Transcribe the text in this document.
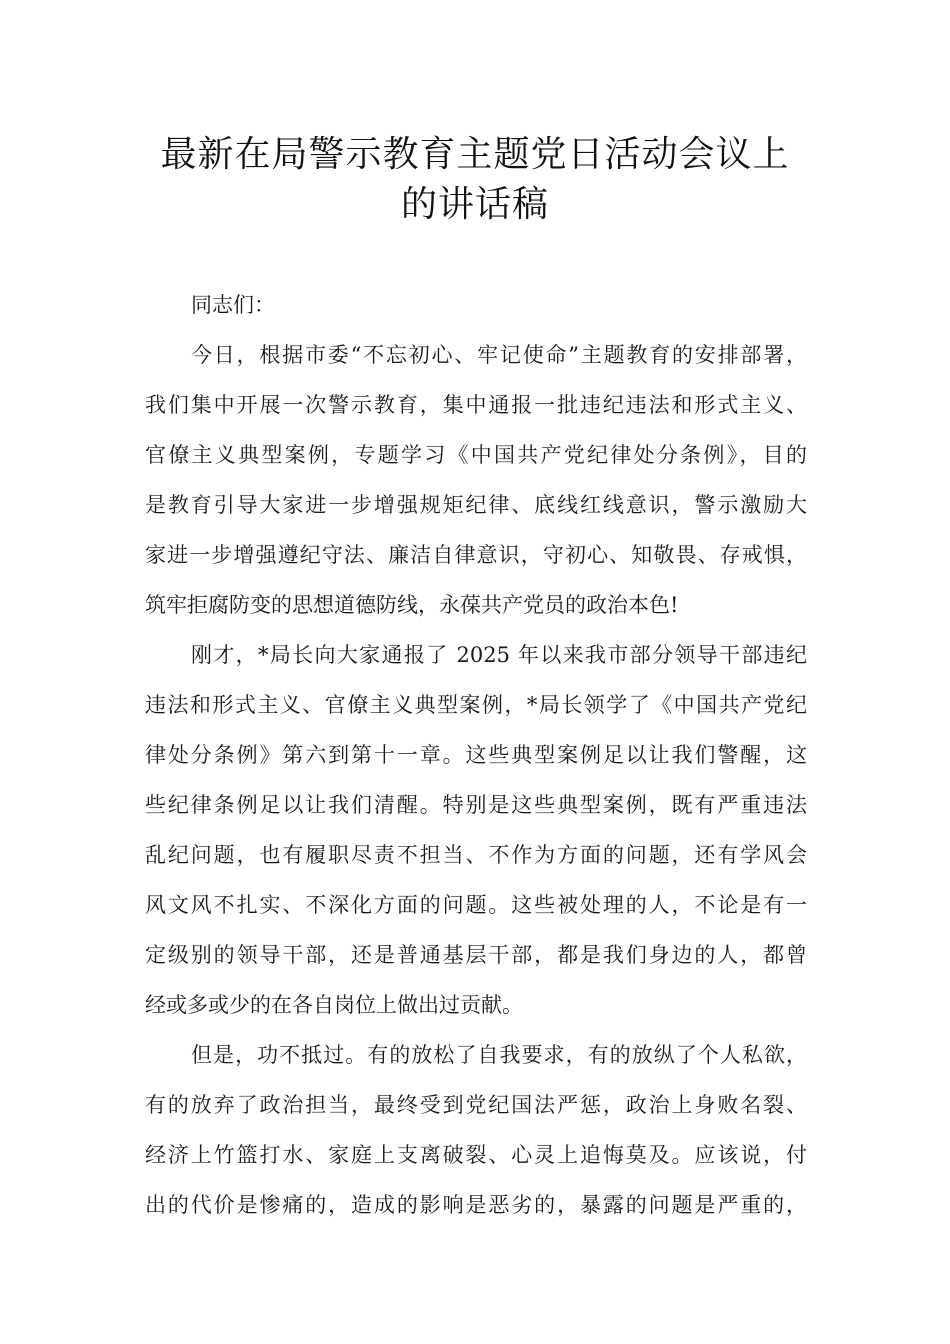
最新在局警示教育主题党日活动会议上
的讲话稿
同志们：
今日，根据市委“不忘初心、牢记使命”主题教育的安排部署，
我们集中开展一次警示教育，集中通报一批违纪违法和形式主义、
官僚主义典型案例，专题学习《中国共产党纪律处分条例》，目的
是教育引导大家进一步增强规矩纪律、底线红线意识，警示激励大
家进一步增强遵纪守法、廉洁自律意识，守初心、知敬畏、存戒惧，
筑牢拒腐防变的思想道德防线，永葆共产党员的政治本色!
刚才，*局长向大家通报了 2025 年以来我市部分领导干部违纪
违法和形式主义、官僚主义典型案例，*局长领学了《中国共产党纪
律处分条例》第六到第十一章。这些典型案例足以让我们警醒，这
些纪律条例足以让我们清醒。特别是这些典型案例，既有严重违法
乱纪问题，也有履职尽责不担当、不作为方面的问题，还有学风会
风文风不扎实、不深化方面的问题。这些被处理的人，不论是有一
定级别的领导干部，还是普通基层干部，都是我们身边的人，都曾
经或多或少的在各自岗位上做出过贡献。
但是，功不抵过。有的放松了自我要求，有的放纵了个人私欲，
有的放弃了政治担当，最终受到党纪国法严惩，政治上身败名裂、
经济上竹篮打水、家庭上支离破裂、心灵上追悔莫及。应该说，付
出的代价是惨痛的，造成的影响是恶劣的，暴露的问题是严重的，
